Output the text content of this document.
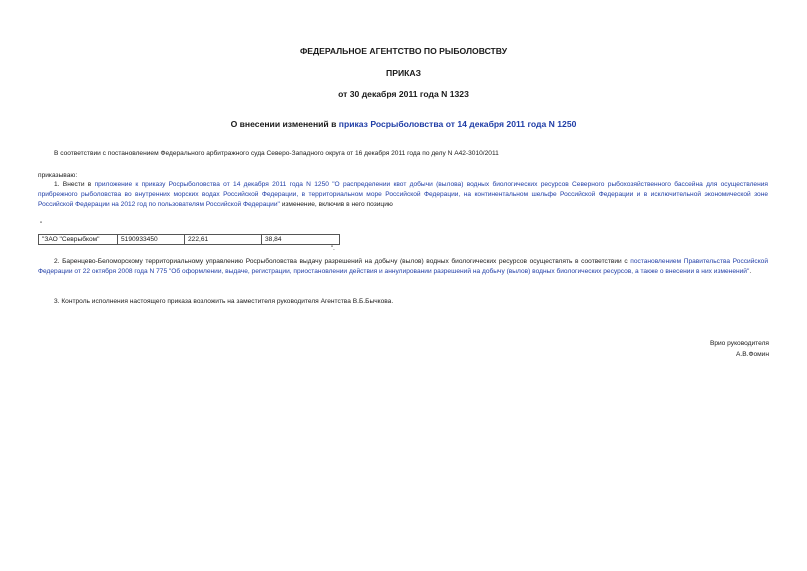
ФЕДЕРАЛЬНОЕ АГЕНТСТВО ПО РЫБОЛОВСТВУ
ПРИКАЗ
от 30 декабря 2011 года N 1323
О внесении изменений в приказ Росрыболовства от 14 декабря 2011 года N 1250
В соответствии с постановлением Федерального арбитражного суда Северо-Западного округа от 16 декабря 2011 года по делу N А42-3010/2011
приказываю:
1. Внести в приложение к приказу Росрыболовства от 14 декабря 2011 года N 1250 "О распределении квот добычи (вылова) водных биологических ресурсов Северного рыбохозяйственного бассейна для осуществления прибрежного рыболовства во внутренних морских водах Российской Федерации, в территориальном море Российской Федерации, на континентальном шельфе Российской Федерации и в исключительной экономической зоне Российской Федерации на 2012 год по пользователям Российской Федерации" изменение, включив в него позицию
"
"ЗАО "Севрыбком"	5190933450	222,61	38,84
".
2. Баренцево-Беломорскому территориальному управлению Росрыболовства выдачу разрешений на добычу (вылов) водных биологических ресурсов осуществлять в соответствии с постановлением Правительства Российской Федерации от 22 октября 2008 года N 775 "Об оформлении, выдаче, регистрации, приостановлении действия и аннулировании разрешений на добычу (вылов) водных биологических ресурсов, а также о внесении в них изменений".
3. Контроль исполнения настоящего приказа возложить на заместителя руководителя Агентства В.Б.Бычкова.
Врио руководителя
А.В.Фомин
